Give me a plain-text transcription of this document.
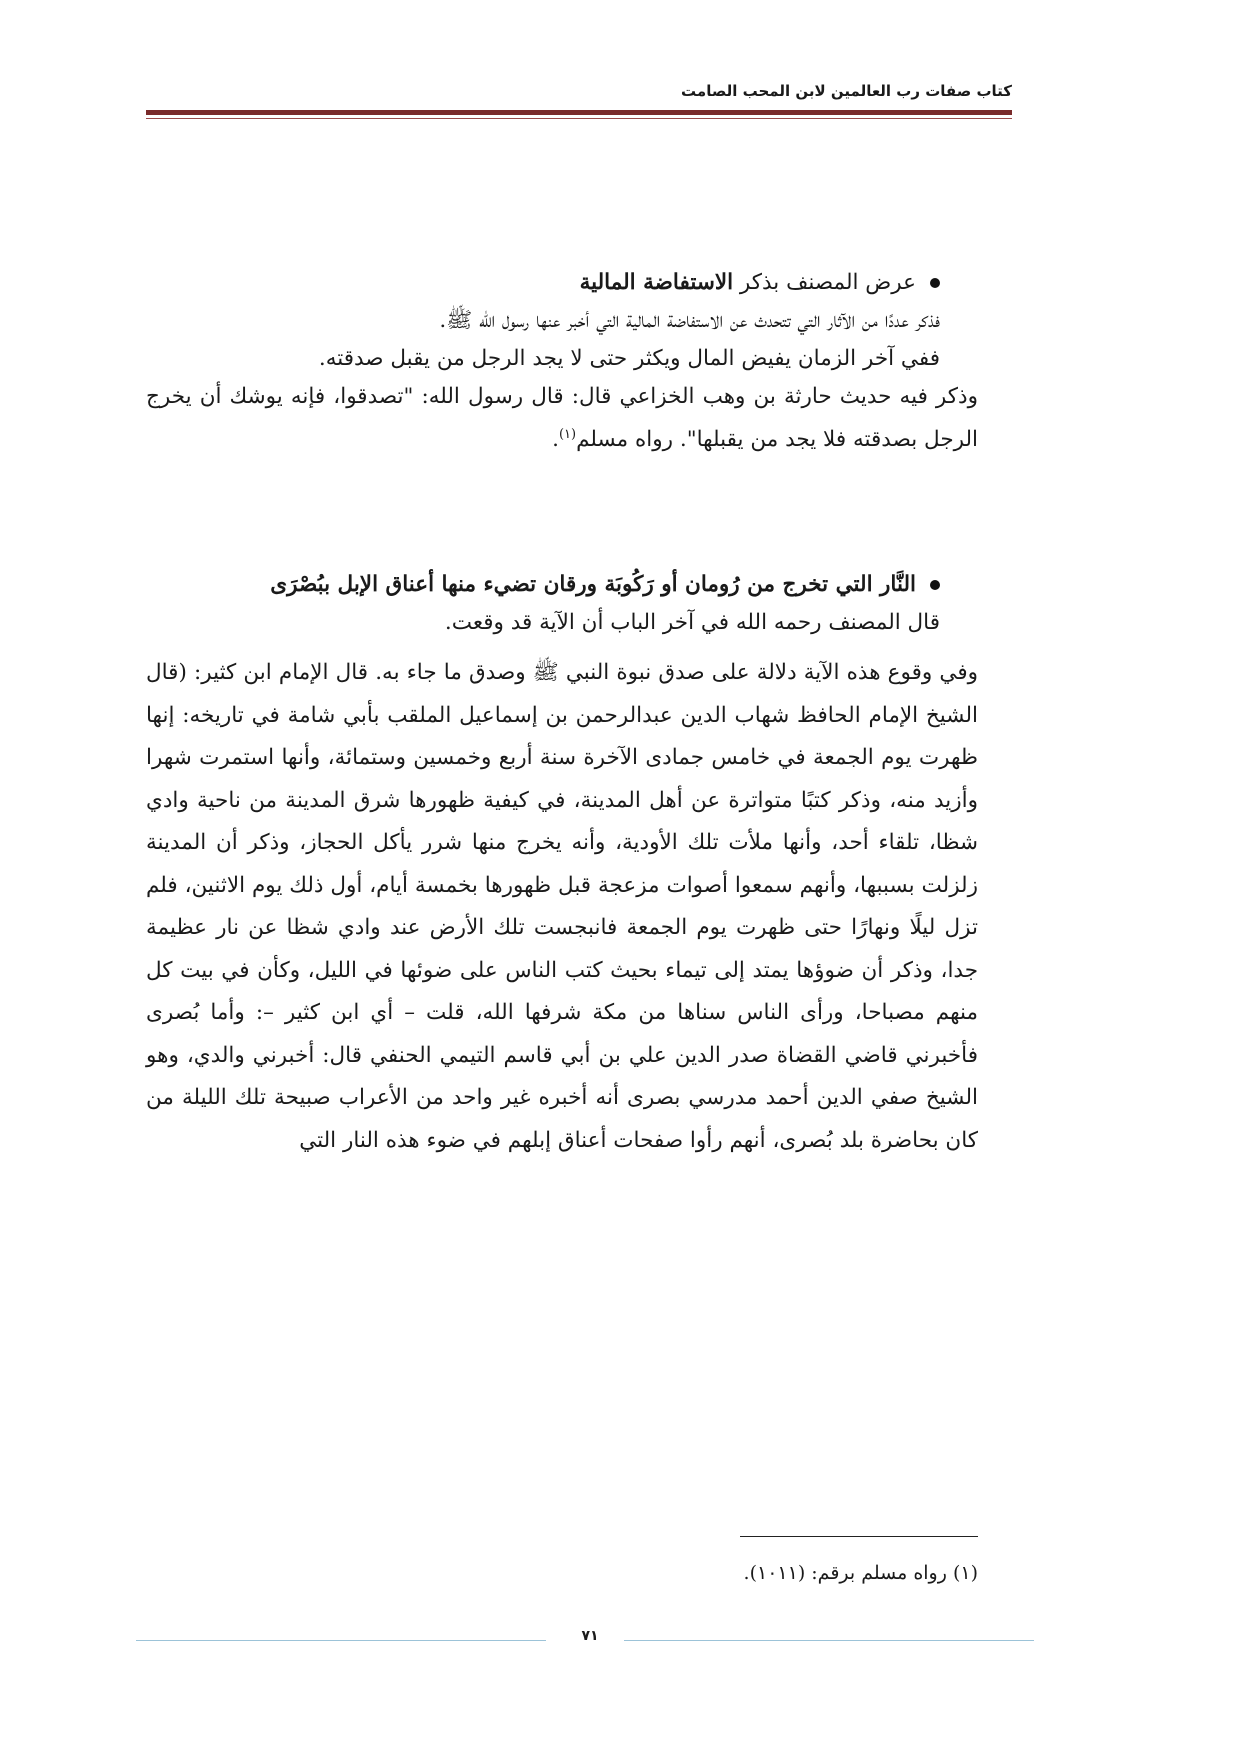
كتاب صفات رب العالمين لابن المحب الصامت

عرض المصنف بذكر الاستفاضة المالية

فذكر عددًا من الآثار التي تتحدث عن الاستفاضة المالية التي أخبر عنها رسول الله ﷺ.

ففي آخر الزمان يفيض المال ويكثر حتى لا يجد الرجل من يقبل صدقته.

وذكر فيه حديث حارثة بن وهب الخزاعي قال: قال رسول الله: "تصدقوا، فإنه يوشك أن يخرج الرجل بصدقته فلا يجد من يقبلها". رواه مسلم$^{(١)}$.

النَّار التي تخرج من رُومان أو رَكُوبَة ورقان تضيء منها أعناق الإبل ببُصْرَى

قال المصنف رحمه الله في آخر الباب أن الآية قد وقعت.

وفي وقوع هذه الآية دلالة على صدق نبوة النبي ﷺ وصدق ما جاء به. قال الإمام ابن كثير: (قال الشيخ الإمام الحافظ شهاب الدين عبدالرحمن بن إسماعيل الملقب بأبي شامة في تاريخه: إنها ظهرت يوم الجمعة في خامس جمادى الآخرة سنة أربع وخمسين وستمائة، وأنها استمرت شهرا وأزيد منه، وذكر كتبًا متواترة عن أهل المدينة، في كيفية ظهورها شرق المدينة من ناحية وادي شظا، تلقاء أحد، وأنها ملأت تلك الأودية، وأنه يخرج منها شرر يأكل الحجاز، وذكر أن المدينة زلزلت بسببها، وأنهم سمعوا أصوات مزعجة قبل ظهورها بخمسة أيام، أول ذلك يوم الاثنين، فلم تزل ليلًا ونهارًا حتى ظهرت يوم الجمعة فانبجست تلك الأرض عند وادي شظا عن نار عظيمة جدا، وذكر أن ضوؤها يمتد إلى تيماء بحيث كتب الناس على ضوئها في الليل، وكأن في بيت كل منهم مصباحا، ورأى الناس سناها من مكة شرفها الله، قلت – أي ابن كثير –: وأما بُصرى فأخبرني قاضي القضاة صدر الدين علي بن أبي قاسم التيمي الحنفي قال: أخبرني والدي، وهو الشيخ صفي الدين أحمد مدرسي بصرى أنه أخبره غير واحد من الأعراب صبيحة تلك الليلة من كان بحاضرة بلد بُصرى، أنهم رأوا صفحات أعناق إبلهم في ضوء هذه النار التي

(١) رواه مسلم برقم: (١٠١١).
٧١
